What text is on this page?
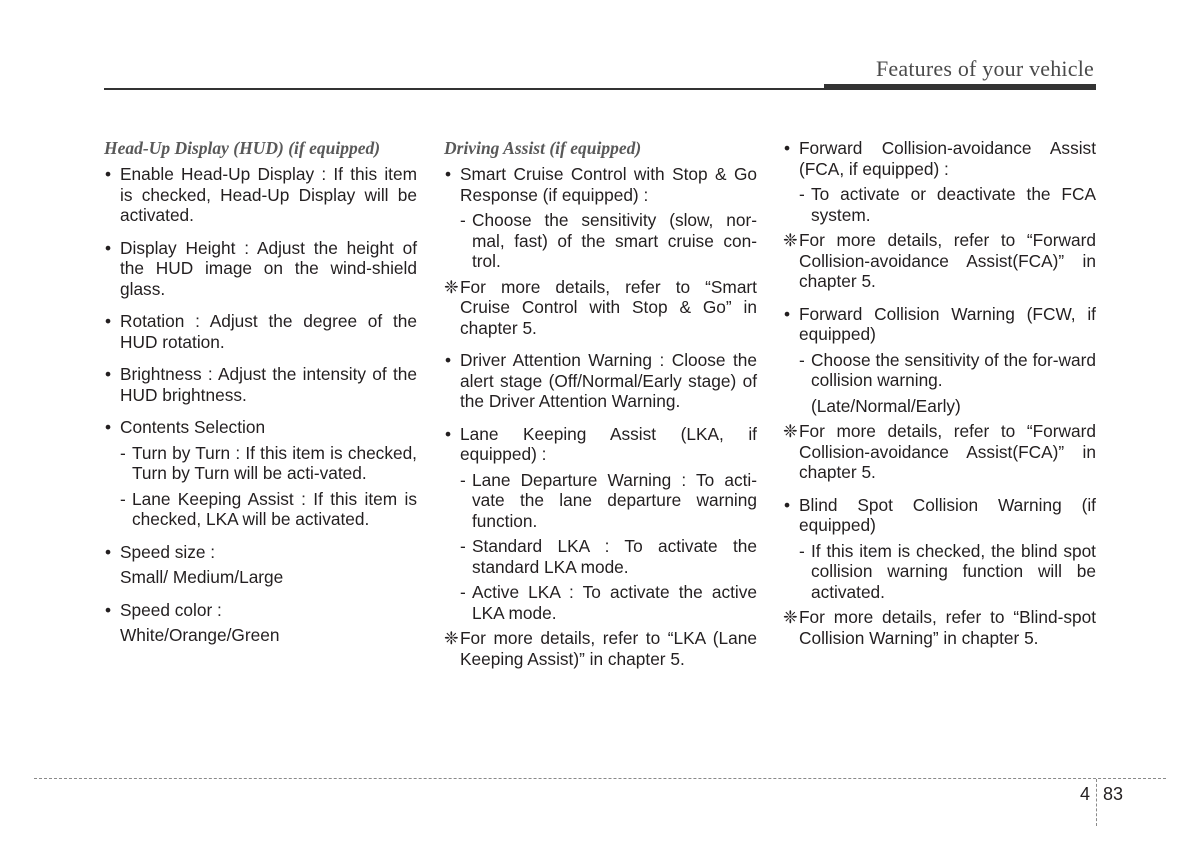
Features of your vehicle
Head-Up Display (HUD) (if equipped)
• Enable Head-Up Display : If this item is checked, Head-Up Display will be activated.
• Display Height : Adjust the height of the HUD image on the wind-shield glass.
• Rotation : Adjust the degree of the HUD rotation.
• Brightness : Adjust the intensity of the HUD brightness.
• Contents Selection
- Turn by Turn : If this item is checked, Turn by Turn will be acti-vated.
- Lane Keeping Assist : If this item is checked, LKA will be activated.
• Speed size :
Small/ Medium/Large
• Speed color :
White/Orange/Green
Driving Assist (if equipped)
• Smart Cruise Control with Stop & Go Response (if equipped) :
- Choose the sensitivity (slow, nor-mal, fast) of the smart cruise con-trol.
❈ For more details, refer to “Smart Cruise Control with Stop & Go” in chapter 5.
• Driver Attention Warning : Cloose the alert stage (Off/Normal/Early stage) of the Driver Attention Warning.
• Lane Keeping Assist (LKA, if equipped) :
- Lane Departure Warning : To acti-vate the lane departure warning function.
- Standard LKA : To activate the standard LKA mode.
- Active LKA : To activate the active LKA mode.
❈ For more details, refer to “LKA (Lane Keeping Assist)” in chapter 5.
• Forward Collision-avoidance Assist (FCA, if equipped) :
- To activate or deactivate the FCA system.
❈ For more details, refer to “Forward Collision-avoidance Assist(FCA)” in chapter 5.
• Forward Collision Warning (FCW, if equipped)
- Choose the sensitivity of the for-ward collision warning.
(Late/Normal/Early)
❈ For more details, refer to “Forward Collision-avoidance Assist(FCA)” in chapter 5.
• Blind Spot Collision Warning (if equipped)
- If this item is checked, the blind spot collision warning function will be activated.
❈ For more details, refer to “Blind-spot Collision Warning” in chapter 5.
4 83
